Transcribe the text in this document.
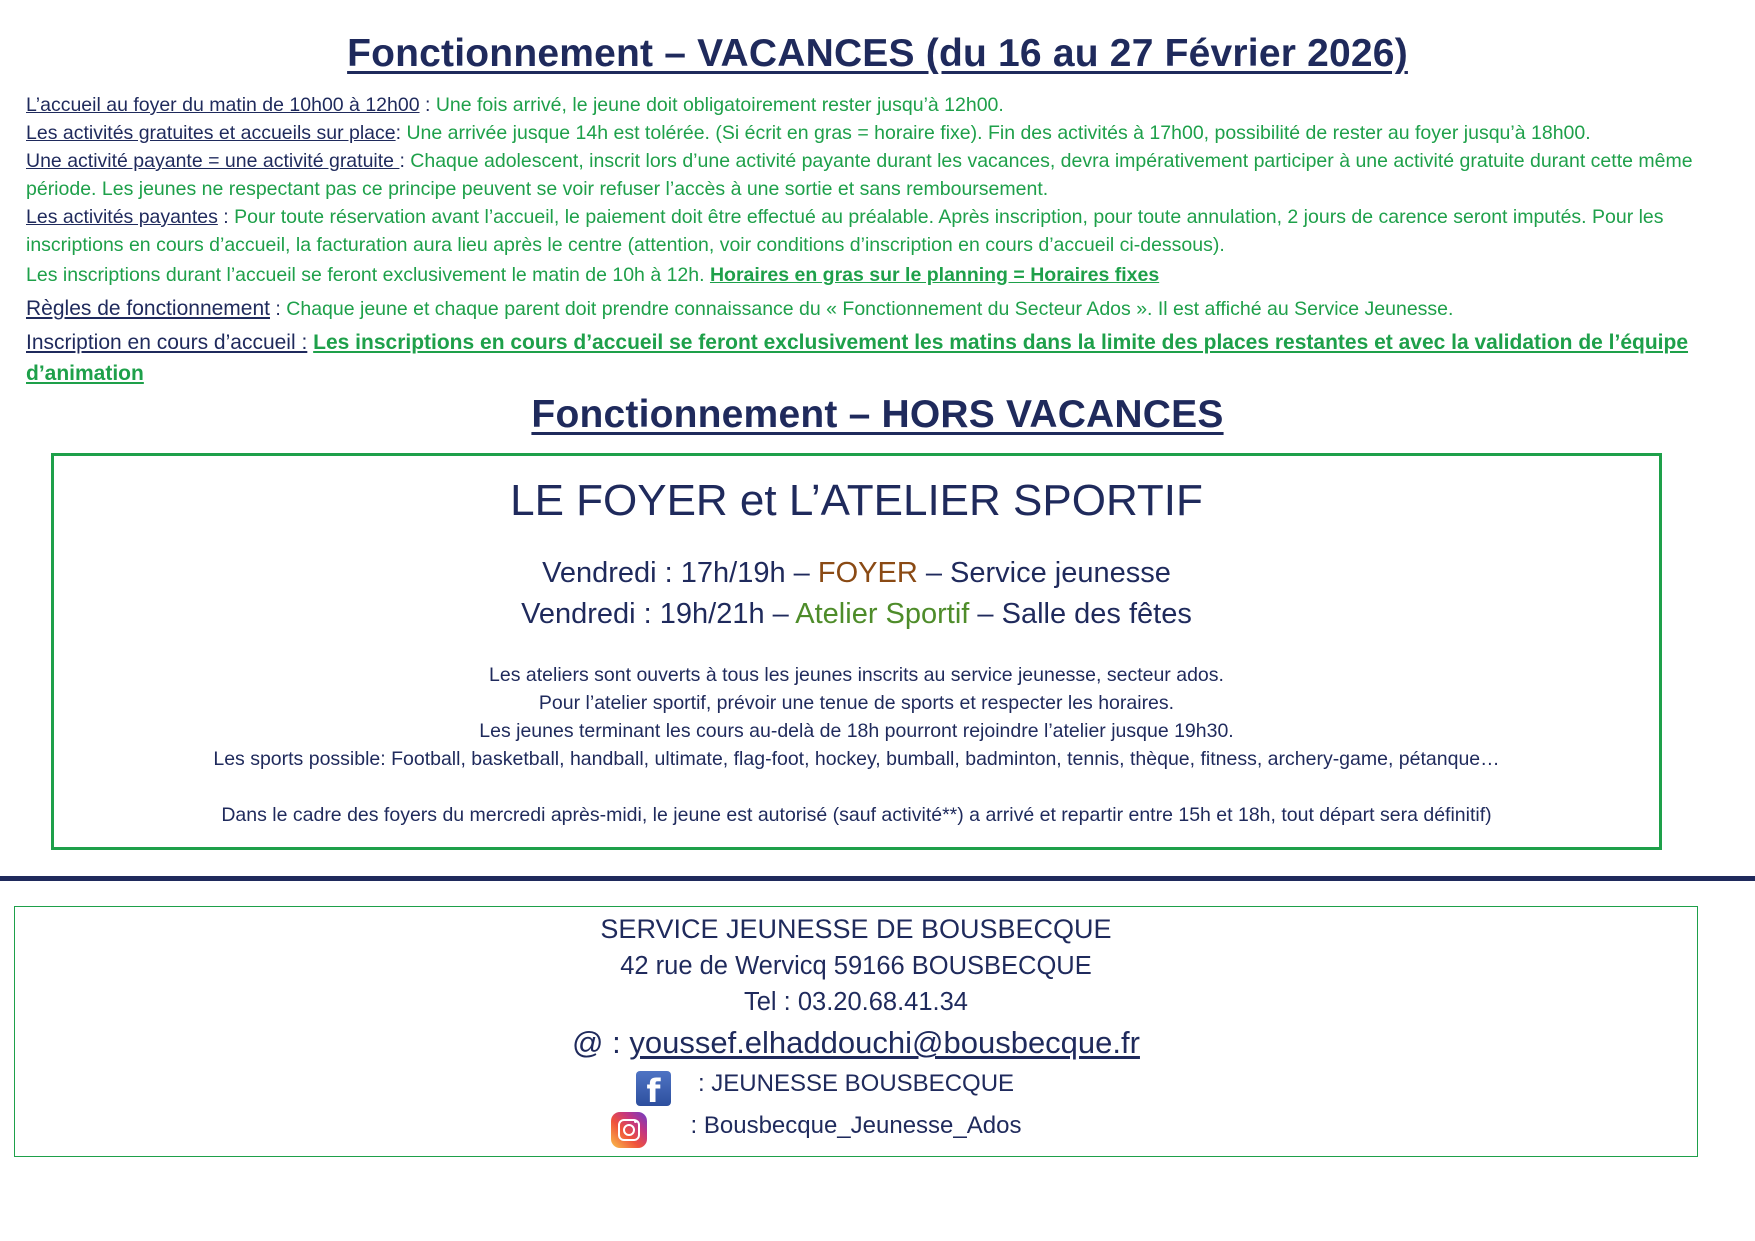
Fonctionnement – VACANCES (du 16 au 27 Février 2026)

L’accueil au foyer du matin de 10h00 à 12h00 : Une fois arrivé, le jeune doit obligatoirement rester jusqu’à 12h00.

Les activités gratuites et accueils sur place: Une arrivée jusque 14h est tolérée. (Si écrit en gras = horaire fixe). Fin des activités à 17h00, possibilité de rester au foyer jusqu’à 18h00.

Une activité payante = une activité gratuite : Chaque adolescent, inscrit lors d’une activité payante durant les vacances, devra impérativement participer à une activité gratuite durant cette même période. Les jeunes ne respectant pas ce principe peuvent se voir refuser l’accès à une sortie et sans remboursement.

Les activités payantes : Pour toute réservation avant l’accueil, le paiement doit être effectué au préalable. Après inscription, pour toute annulation, 2 jours de carence seront imputés. Pour les inscriptions en cours d’accueil, la facturation aura lieu après le centre (attention, voir conditions d’inscription en cours d’accueil ci-dessous).

Les inscriptions durant l’accueil se feront exclusivement le matin de 10h à 12h. Horaires en gras sur le planning = Horaires fixes

Règles de fonctionnement : Chaque jeune et chaque parent doit prendre connaissance du « Fonctionnement du Secteur Ados ». Il est affiché au Service Jeunesse.

Inscription en cours d’accueil : Les inscriptions en cours d’accueil se feront exclusivement les matins dans la limite des places restantes et avec la validation de l’équipe d’animation

Fonctionnement – HORS VACANCES
LE FOYER et L’ATELIER SPORTIF
Vendredi : 17h/19h – FOYER – Service jeunesse
Vendredi : 19h/21h – Atelier Sportif – Salle des fêtes

Les ateliers sont ouverts à tous les jeunes inscrits au service jeunesse, secteur ados.

Pour l’atelier sportif, prévoir une tenue de sports et respecter les horaires.

Les jeunes terminant les cours au-delà de 18h pourront rejoindre l’atelier jusque 19h30.

Les sports possible: Football, basketball, handball, ultimate, flag-foot, hockey, bumball, badminton, tennis, thèque, fitness, archery-game, pétanque…

Dans le cadre des foyers du mercredi après-midi, le jeune est autorisé (sauf activité**) a arrivé et repartir entre 15h et 18h, tout départ sera définitif)

SERVICE JEUNESSE DE BOUSBECQUE
42 rue de Wervicq 59166 BOUSBECQUE
Tel : 03.20.68.41.34
@ : youssef.elhaddouchi@bousbecque.fr
f	: JEUNESSE BOUSBECQUE
: Bousbecque_Jeunesse_Ados
